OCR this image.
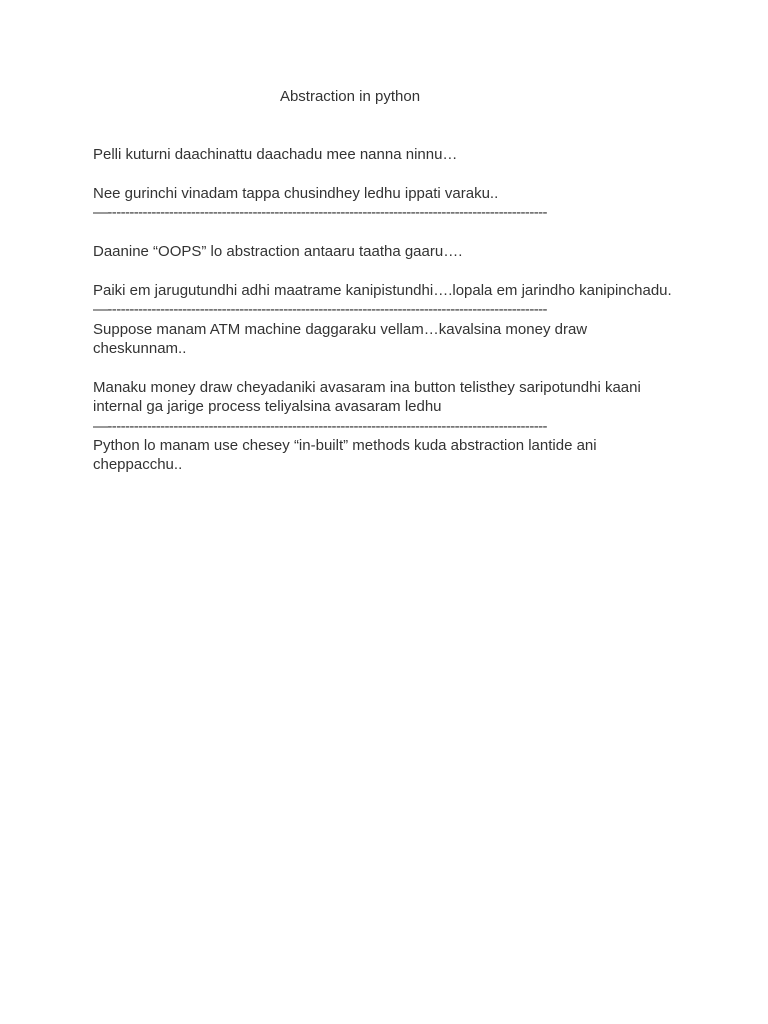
Abstraction in python

Pelli kuturni daachinattu daachadu mee nanna ninnu…

Nee gurinchi vinadam tappa chusindhey ledhu ippati varaku..

—----------------------------------------------------------------------------------------------------

Daanine “OOPS” lo abstraction antaaru taatha gaaru….

Paiki em jarugutundhi adhi maatrame kanipistundhi….lopala em jarindho kanipinchadu.

—----------------------------------------------------------------------------------------------------

Suppose manam ATM machine daggaraku vellam…kavalsina money draw cheskunnam..

Manaku money draw cheyadaniki avasaram ina button telisthey saripotundhi kaani internal ga jarige process teliyalsina avasaram ledhu

—----------------------------------------------------------------------------------------------------

Python lo manam use chesey “in-built” methods kuda abstraction lantide ani cheppacchu..
